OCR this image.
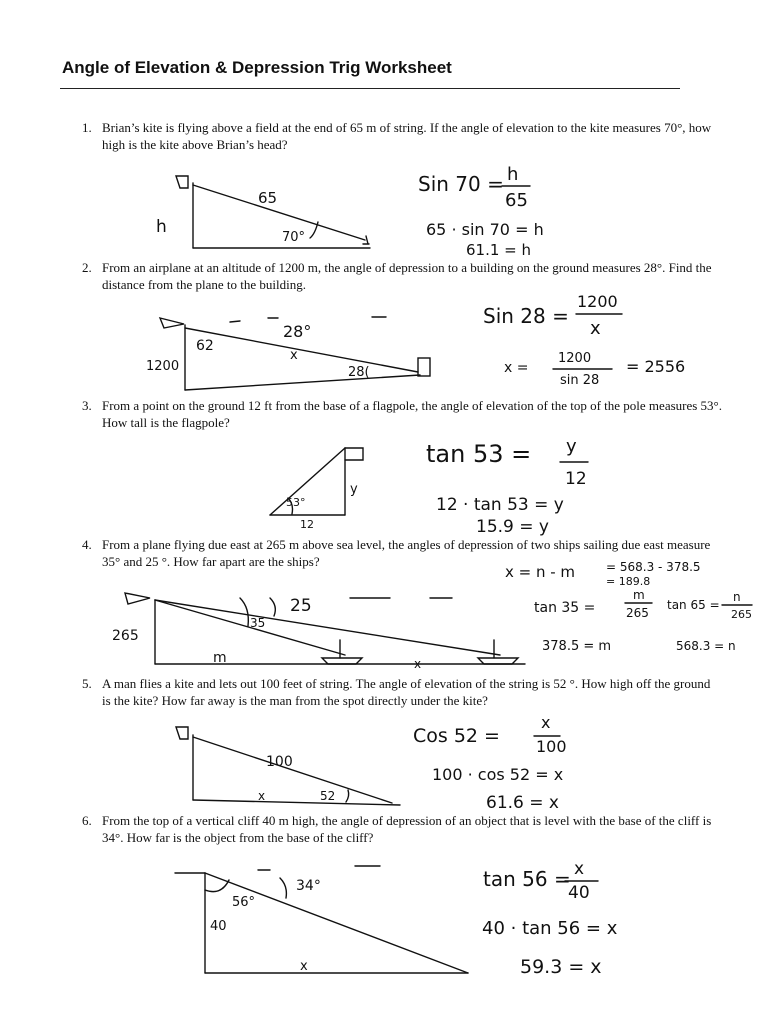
Angle of Elevation & Depression Trig Worksheet
1. Brian’s kite is flying above a field at the end of 65 m of string. If the angle of elevation to the kite measures 70°, how high is the kite above Brian’s head?
2. From an airplane at an altitude of 1200 m, the angle of depression to a building on the ground measures 28°. Find the distance from the plane to the building.
3. From a point on the ground 12 ft from the base of a flagpole, the angle of elevation of the top of the pole measures 53°. How tall is the flagpole?
4. From a plane flying due east at 265 m above sea level, the angles of depression of two ships sailing due east measure 35° and 25 °. How far apart are the ships?
5. A man flies a kite and lets out 100 feet of string. The angle of elevation of the string is 52 °. How high off the ground is the kite? How far away is the man from the spot directly under the kite?
6. From the top of a vertical cliff 40 m high, the angle of depression of an object that is level with the base of the cliff is 34°. How far is the object from the base of the cliff?
Sin 70 = h
65
65 · sin 70 = h
61.1 = h
65
h
70°
Sin 28 =
1200
x
x =
1200
sin 28
= 2556
62
28°
x
1200	28(
tan 53 = y
12
12 · tan 53 = y
15.9 = y
53°
y
12
x = n - m	= 568.3 - 378.5
= 189.8
tan 35 =
m
265
tan 65 =
n
265
378.5 = m	568.3 = n
25
35
265
m	x
Cos 52 =
x
100
100 · cos 52 = x
61.6 = x
100
x	52
tan 56 = x
40
40 · tan 56 = x
59.3 = x
34°
56°
40
x
